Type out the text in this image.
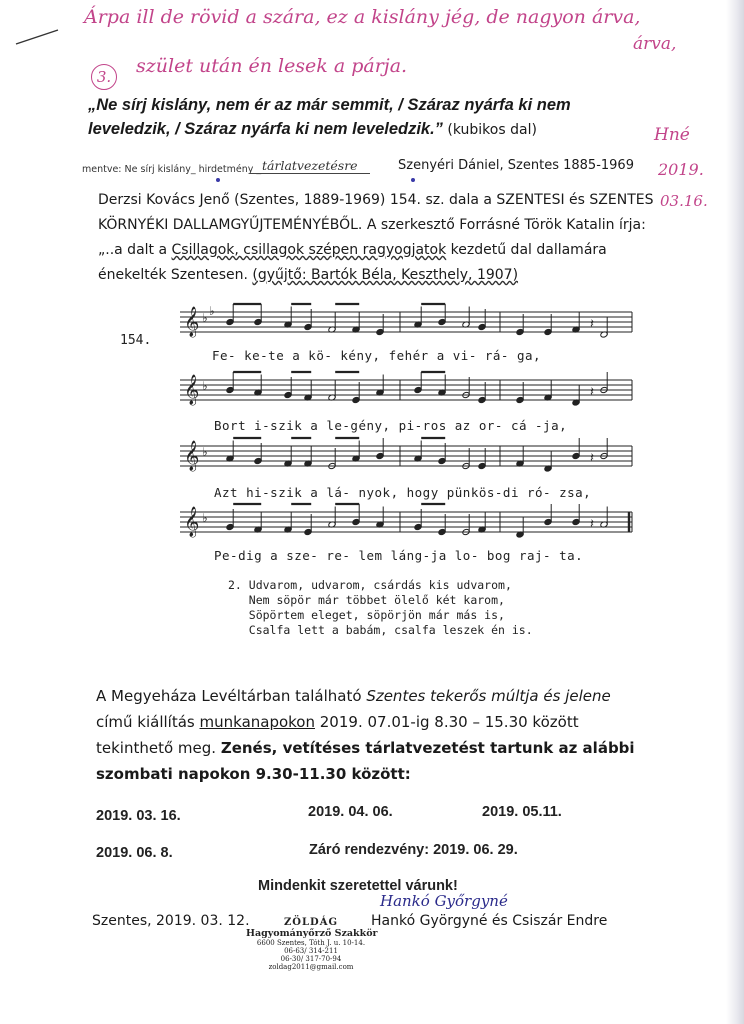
Árpa ill de rövid a szára, ez a kislány jég, de nagyon árva,
árva,
3.	szület után én lesek a párja.
Hné
2019.
03.16.
„Ne sírj kislány, nem ér az már semmit, / Száraz nyárfa ki nem
leveledzik, / Száraz nyárfa ki nem leveledzik.” (kubikos dal)
mentve: Ne sírj kislány_ hirdetmény _ tárlatvezetésre	Szenyéri Dániel, Szentes 1885-1969
Derzsi Kovács Jenő (Szentes, 1889-1969) 154. sz. dala a SZENTESI és SZENTES
KÖRNYÉKI DALLAMGYŰJTEMÉNYÉBŐL. A szerkesztő Forrásné Török Katalin írja:
„..a dalt a Csillagok, csillagok szépen ragyogjatok kezdetű dal dallamára
énekelték Szentesen. (gyűjtő: Bartók Béla, Keszthely, 1907)
154.
𝄞 ♭ ♭
𝄽
𝄞 ♭	𝄽
𝄞 ♭	𝄽
𝄞 ♭	𝄽
Fe- ke-te a kö- kény, fehér a vi- rá- ga,
Bort i-szik a le-gény, pi-ros az or- cá -ja,
Azt hi-szik a lá- nyok, hogy pünkös-di ró- zsa,
Pe-dig a sze- re- lem láng-ja lo- bog raj- ta.
2. Udvarom, udvarom, csárdás kis udvarom,
Nem söpör már többet ölelő két karom,
Söpörtem eleget, söpörjön már más is,
Csalfa lett a babám, csalfa leszek én is.
A Megyeháza Levéltárban található Szentes tekerős múltja és jelene
című kiállítás munkanapokon 2019. 07.01-ig 8.30 – 15.30 között
tekinthető meg. Zenés, vetítéses tárlatvezetést tartunk az alábbi
szombati napokon 9.30-11.30 között:
2019. 03. 16.	2019. 04. 06.	2019. 05.11.
2019. 06. 8.	Záró rendezvény: 2019. 06. 29.
Mindenkit szeretettel várunk!
Szentes, 2019. 03. 12.	Hankó Györgyné és Csiszár Endre
Hankó Győrgyné
ZÖLDÁG
Hagyományőrző Szakkör
6600 Szentes, Tóth J. u. 10-14.
06-63/ 314-211
06-30/ 317-70-94
zoldag2011@gmail.com
